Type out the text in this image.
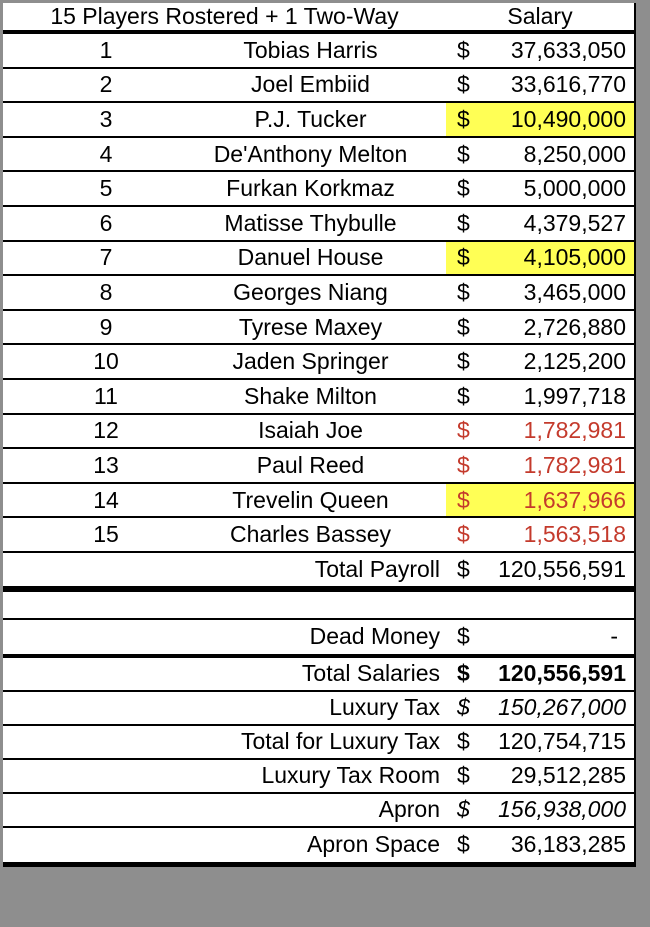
15 Players Rostered + 1 Two-Way	Salary
1	Tobias Harris	$ 37,633,050
2	Joel Embiid	$ 33,616,770
3	P.J. Tucker	$ 10,490,000
4	De'Anthony Melton	$ 8,250,000
5	Furkan Korkmaz	$ 5,000,000
6	Matisse Thybulle	$ 4,379,527
7	Danuel House	$ 4,105,000
8	Georges Niang	$ 3,465,000
9	Tyrese Maxey	$ 2,726,880
10	Jaden Springer	$ 2,125,200
11	Shake Milton	$ 1,997,718
12	Isaiah Joe	$ 1,782,981
13	Paul Reed	$ 1,782,981
14	Trevelin Queen	$ 1,637,966
15	Charles Bassey	$ 1,563,518
Total Payroll $ 120,556,591
Dead Money $	-
Total Salaries $ 120,556,591
Luxury Tax $ 150,267,000
Total for Luxury Tax $ 120,754,715
Luxury Tax Room $ 29,512,285
Apron $ 156,938,000
Apron Space $ 36,183,285
